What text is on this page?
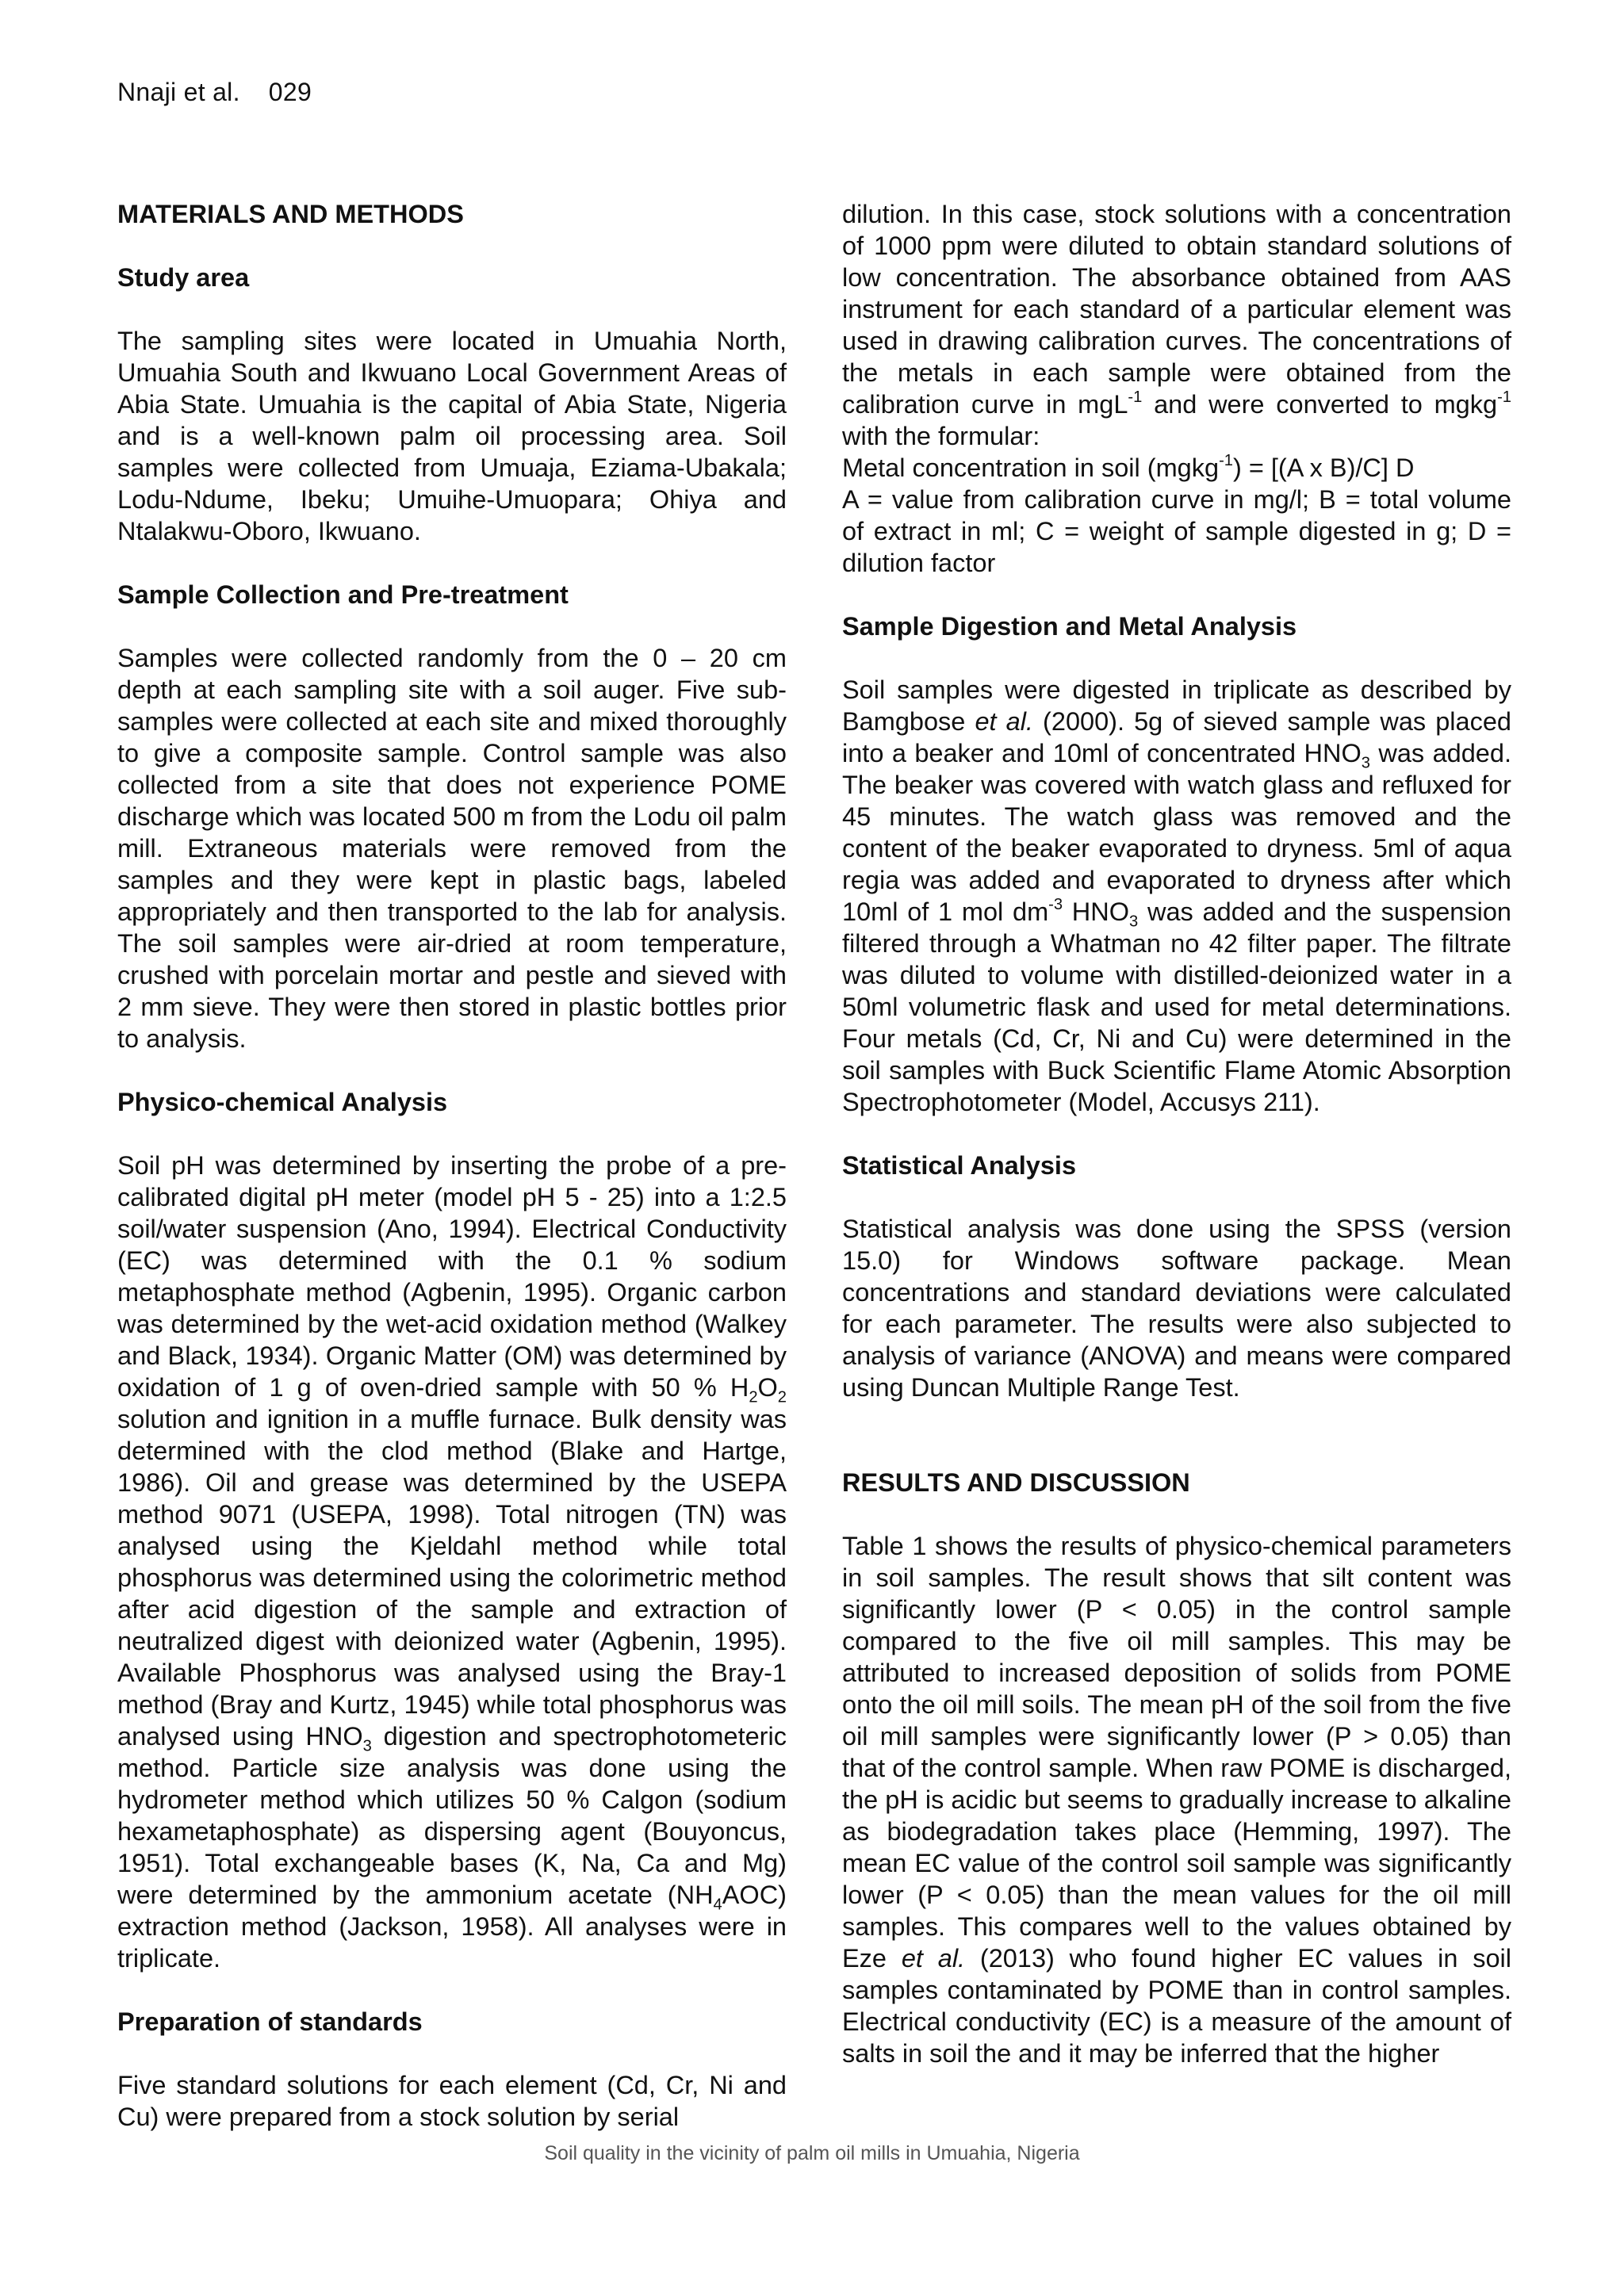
Nnaji et al. 029
MATERIALS AND METHODS
Study area

The sampling sites were located in Umuahia North, Umuahia South and Ikwuano Local Government Areas of Abia State. Umuahia is the capital of Abia State, Nigeria and is a well-known palm oil processing area. Soil samples were collected from Umuaja, Eziama-Ubakala; Lodu-Ndume, Ibeku; Umuihe-Umuopara; Ohiya and Ntalakwu-Oboro, Ikwuano.

Sample Collection and Pre-treatment

Samples were collected randomly from the 0 – 20 cm depth at each sampling site with a soil auger. Five sub-samples were collected at each site and mixed thoroughly to give a composite sample. Control sample was also collected from a site that does not experience POME discharge which was located 500 m from the Lodu oil palm mill. Extraneous materials were removed from the samples and they were kept in plastic bags, labeled appropriately and then transported to the lab for analysis. The soil samples were air-dried at room temperature, crushed with porcelain mortar and pestle and sieved with 2 mm sieve. They were then stored in plastic bottles prior to analysis.

Physico-chemical Analysis

Soil pH was determined by inserting the probe of a pre-calibrated digital pH meter (model pH 5 - 25) into a 1:2.5 soil/water suspension (Ano, 1994). Electrical Conductivity (EC) was determined with the 0.1 % sodium metaphosphate method (Agbenin, 1995). Organic carbon was determined by the wet-acid oxidation method (Walkey and Black, 1934). Organic Matter (OM) was determined by oxidation of 1 g of oven-dried sample with 50 % $H_2O_2$ solution and ignition in a muffle furnace. Bulk density was determined with the clod method (Blake and Hartge, 1986). Oil and grease was determined by the USEPA method 9071 (USEPA, 1998). Total nitrogen (TN) was analysed using the Kjeldahl method while total phosphorus was determined using the colorimetric method after acid digestion of the sample and extraction of neutralized digest with deionized water (Agbenin, 1995). Available Phosphorus was analysed using the Bray-1 method (Bray and Kurtz, 1945) while total phosphorus was analysed using $HNO_3$ digestion and spectrophotometeric method. Particle size analysis was done using the hydrometer method which utilizes 50 % Calgon (sodium hexametaphosphate) as dispersing agent (Bouyoncus, 1951). Total exchangeable bases (K, Na, Ca and Mg) were determined by the ammonium acetate $(NH_4AOC)$ extraction method (Jackson, 1958). All analyses were in triplicate.

Preparation of standards

Five standard solutions for each element (Cd, Cr, Ni and Cu) were prepared from a stock solution by serial

dilution. In this case, stock solutions with a concentration of 1000 ppm were diluted to obtain standard solutions of low concentration. The absorbance obtained from AAS instrument for each standard of a particular element was used in drawing calibration curves. The concentrations of the metals in each sample were obtained from the calibration curve in mgL$^{-1}$ and were converted to mgkg$^{-1}$ with the formular:

Metal concentration in soil (mgkg$^{-1}$) = [(A x B)/C] D

A = value from calibration curve in mg/l; B = total volume of extract in ml; C = weight of sample digested in g; D = dilution factor

Sample Digestion and Metal Analysis

Soil samples were digested in triplicate as described by Bamgbose et al. (2000). 5g of sieved sample was placed into a beaker and 10ml of concentrated $HNO_3$ was added. The beaker was covered with watch glass and refluxed for 45 minutes. The watch glass was removed and the content of the beaker evaporated to dryness. 5ml of aqua regia was added and evaporated to dryness after which 10ml of 1 mol $dm^{-3}$ $HNO_3$ was added and the suspension filtered through a Whatman no 42 filter paper. The filtrate was diluted to volume with distilled-deionized water in a 50ml volumetric flask and used for metal determinations. Four metals (Cd, Cr, Ni and Cu) were determined in the soil samples with Buck Scientific Flame Atomic Absorption Spectrophotometer (Model, Accusys 211).

Statistical Analysis

Statistical analysis was done using the SPSS (version 15.0) for Windows software package. Mean concentrations and standard deviations were calculated for each parameter. The results were also subjected to analysis of variance (ANOVA) and means were compared using Duncan Multiple Range Test.

RESULTS AND DISCUSSION

Table 1 shows the results of physico-chemical parameters in soil samples. The result shows that silt content was significantly lower (P < 0.05) in the control sample compared to the five oil mill samples. This may be attributed to increased deposition of solids from POME onto the oil mill soils. The mean pH of the soil from the five oil mill samples were significantly lower (P > 0.05) than that of the control sample. When raw POME is discharged, the pH is acidic but seems to gradually increase to alkaline as biodegradation takes place (Hemming, 1997). The mean EC value of the control soil sample was significantly lower (P < 0.05) than the mean values for the oil mill samples. This compares well to the values obtained by Eze et al. (2013) who found higher EC values in soil samples contaminated by POME than in control samples. Electrical conductivity (EC) is a measure of the amount of salts in soil the and it may be inferred that the higher

Soil quality in the vicinity of palm oil mills in Umuahia, Nigeria
